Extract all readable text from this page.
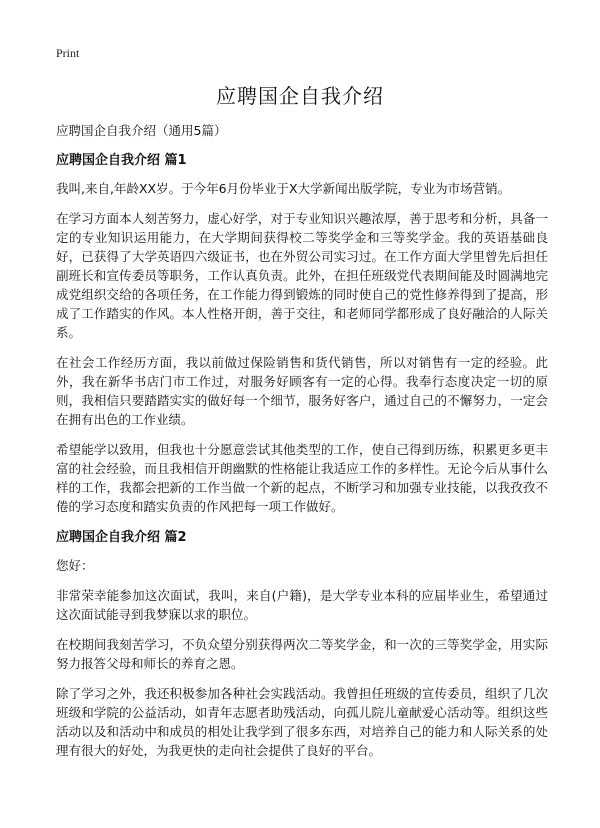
Print
应聘国企自我介绍

应聘国企自我介绍（通用5篇）

应聘国企自我介绍 篇1

我叫,来自,年龄XX岁。于今年6月份毕业于X大学新闻出版学院，专业为市场营销。

在学习方面本人刻苦努力，虚心好学，对于专业知识兴趣浓厚，善于思考和分析，具备一定的专业知识运用能力，在大学期间获得校二等奖学金和三等奖学金。我的英语基础良好，已获得了大学英语四六级证书，也在外贸公司实习过。在工作方面大学里曾先后担任副班长和宣传委员等职务，工作认真负责。此外，在担任班级党代表期间能及时圆满地完成党组织交给的各项任务，在工作能力得到锻炼的同时使自己的党性修养得到了提高，形成了工作踏实的作风。本人性格开朗，善于交往，和老师同学都形成了良好融洽的人际关系。

在社会工作经历方面，我以前做过保险销售和货代销售，所以对销售有一定的经验。此外，我在新华书店门市工作过，对服务好顾客有一定的心得。我奉行态度决定一切的原则，我相信只要踏踏实实的做好每一个细节，服务好客户，通过自己的不懈努力，一定会在拥有出色的工作业绩。

希望能学以致用，但我也十分愿意尝试其他类型的工作，使自己得到历练，积累更多更丰富的社会经验，而且我相信开朗幽默的性格能让我适应工作的多样性。无论今后从事什么样的工作，我都会把新的工作当做一个新的起点，不断学习和加强专业技能，以我孜孜不倦的学习态度和踏实负责的作风把每一项工作做好。

应聘国企自我介绍 篇2

您好：

非常荣幸能参加这次面试，我叫，来自(户籍)，是大学专业本科的应届毕业生，希望通过这次面试能寻到我梦寐以求的职位。

在校期间我刻苦学习，不负众望分别获得两次二等奖学金，和一次的三等奖学金，用实际努力报答父母和师长的养育之恩。

除了学习之外，我还积极参加各种社会实践活动。我曾担任班级的宣传委员，组织了几次班级和学院的公益活动，如青年志愿者助残活动，向孤儿院儿童献爱心活动等。组织这些活动以及和活动中和成员的相处让我学到了很多东西，对培养自己的能力和人际关系的处理有很大的好处，为我更快的走向社会提供了良好的平台。
